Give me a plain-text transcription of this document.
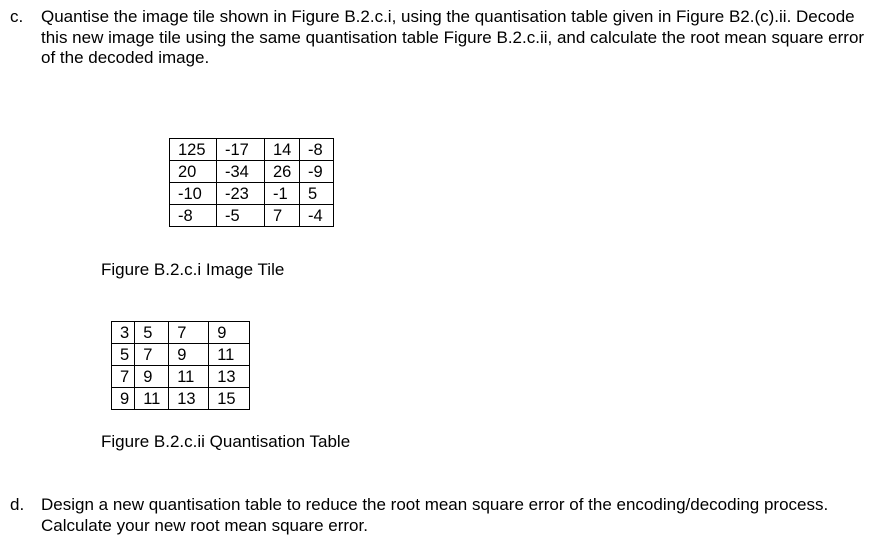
c. Quantise the image tile shown in Figure B.2.c.i, using the quantisation table given in Figure B2.(c).ii. Decode this new image tile using the same quantisation table Figure B.2.c.ii, and calculate the root mean square error of the decoded image.
125	-17	14	-8
20	-34	26	-9
-10	-23	-1	5
-8	-5	7	-4
Figure B.2.c.i Image Tile
3	5	7	9
5	7	9	11
7	9	11	13
9	11	13	15
Figure B.2.c.ii Quantisation Table
d. Design a new quantisation table to reduce the root mean square error of the encoding/decoding process. Calculate your new root mean square error.
